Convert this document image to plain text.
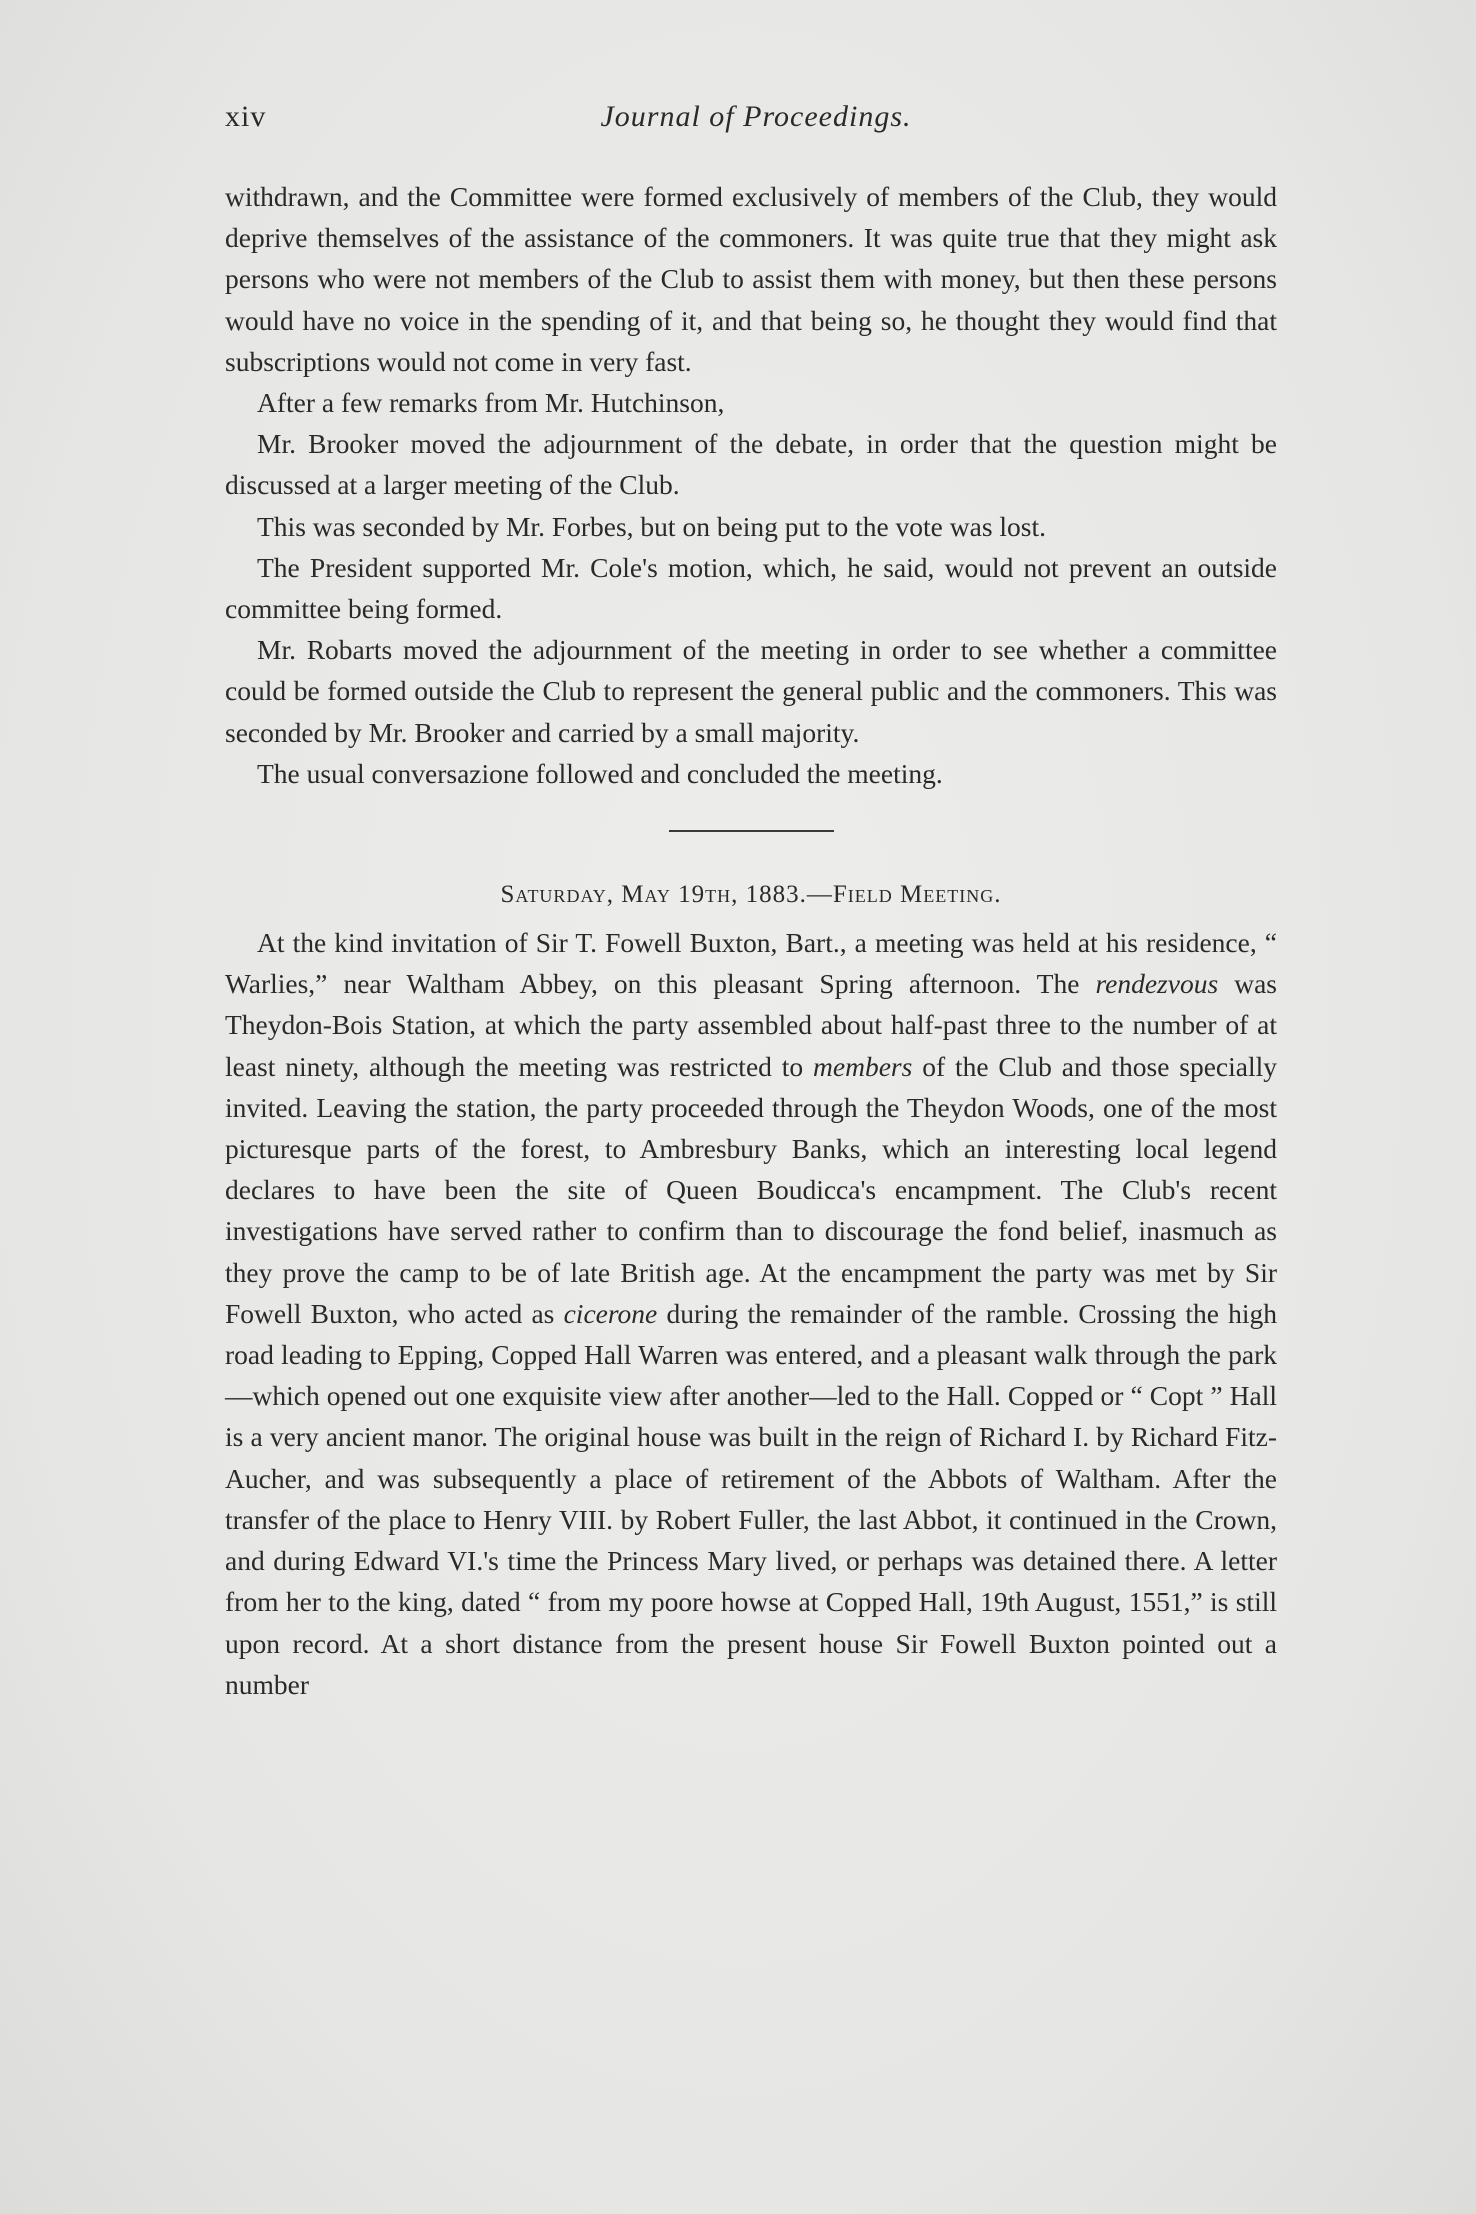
xiv	Journal of Proceedings.

withdrawn, and the Committee were formed exclusively of members of the Club, they would deprive themselves of the assistance of the commoners. It was quite true that they might ask persons who were not members of the Club to assist them with money, but then these persons would have no voice in the spending of it, and that being so, he thought they would find that subscriptions would not come in very fast.

After a few remarks from Mr. Hutchinson,

Mr. Brooker moved the adjournment of the debate, in order that the question might be discussed at a larger meeting of the Club.

This was seconded by Mr. Forbes, but on being put to the vote was lost.

The President supported Mr. Cole's motion, which, he said, would not prevent an outside committee being formed.

Mr. Robarts moved the adjournment of the meeting in order to see whether a committee could be formed outside the Club to represent the general public and the commoners. This was seconded by Mr. Brooker and carried by a small majority.

The usual conversazione followed and concluded the meeting.

Saturday, May 19th, 1883.—Field Meeting.

At the kind invitation of Sir T. Fowell Buxton, Bart., a meeting was held at his residence, “ Warlies,” near Waltham Abbey, on this pleasant Spring afternoon. The rendezvous was Theydon-Bois Station, at which the party assembled about half-past three to the number of at least ninety, although the meeting was restricted to members of the Club and those specially invited. Leaving the station, the party proceeded through the Theydon Woods, one of the most picturesque parts of the forest, to Ambresbury Banks, which an interesting local legend declares to have been the site of Queen Boudicca's encampment. The Club's recent investigations have served rather to confirm than to discourage the fond belief, inasmuch as they prove the camp to be of late British age. At the encampment the party was met by Sir Fowell Buxton, who acted as cicerone during the remainder of the ramble. Crossing the high road leading to Epping, Copped Hall Warren was entered, and a pleasant walk through the park—which opened out one exquisite view after another—led to the Hall. Copped or “ Copt ” Hall is a very ancient manor. The original house was built in the reign of Richard I. by Richard Fitz-Aucher, and was subsequently a place of retirement of the Abbots of Waltham. After the transfer of the place to Henry VIII. by Robert Fuller, the last Abbot, it continued in the Crown, and during Edward VI.'s time the Princess Mary lived, or perhaps was detained there. A letter from her to the king, dated “ from my poore howse at Copped Hall, 19th August, 1551,” is still upon record. At a short distance from the present house Sir Fowell Buxton pointed out a number
